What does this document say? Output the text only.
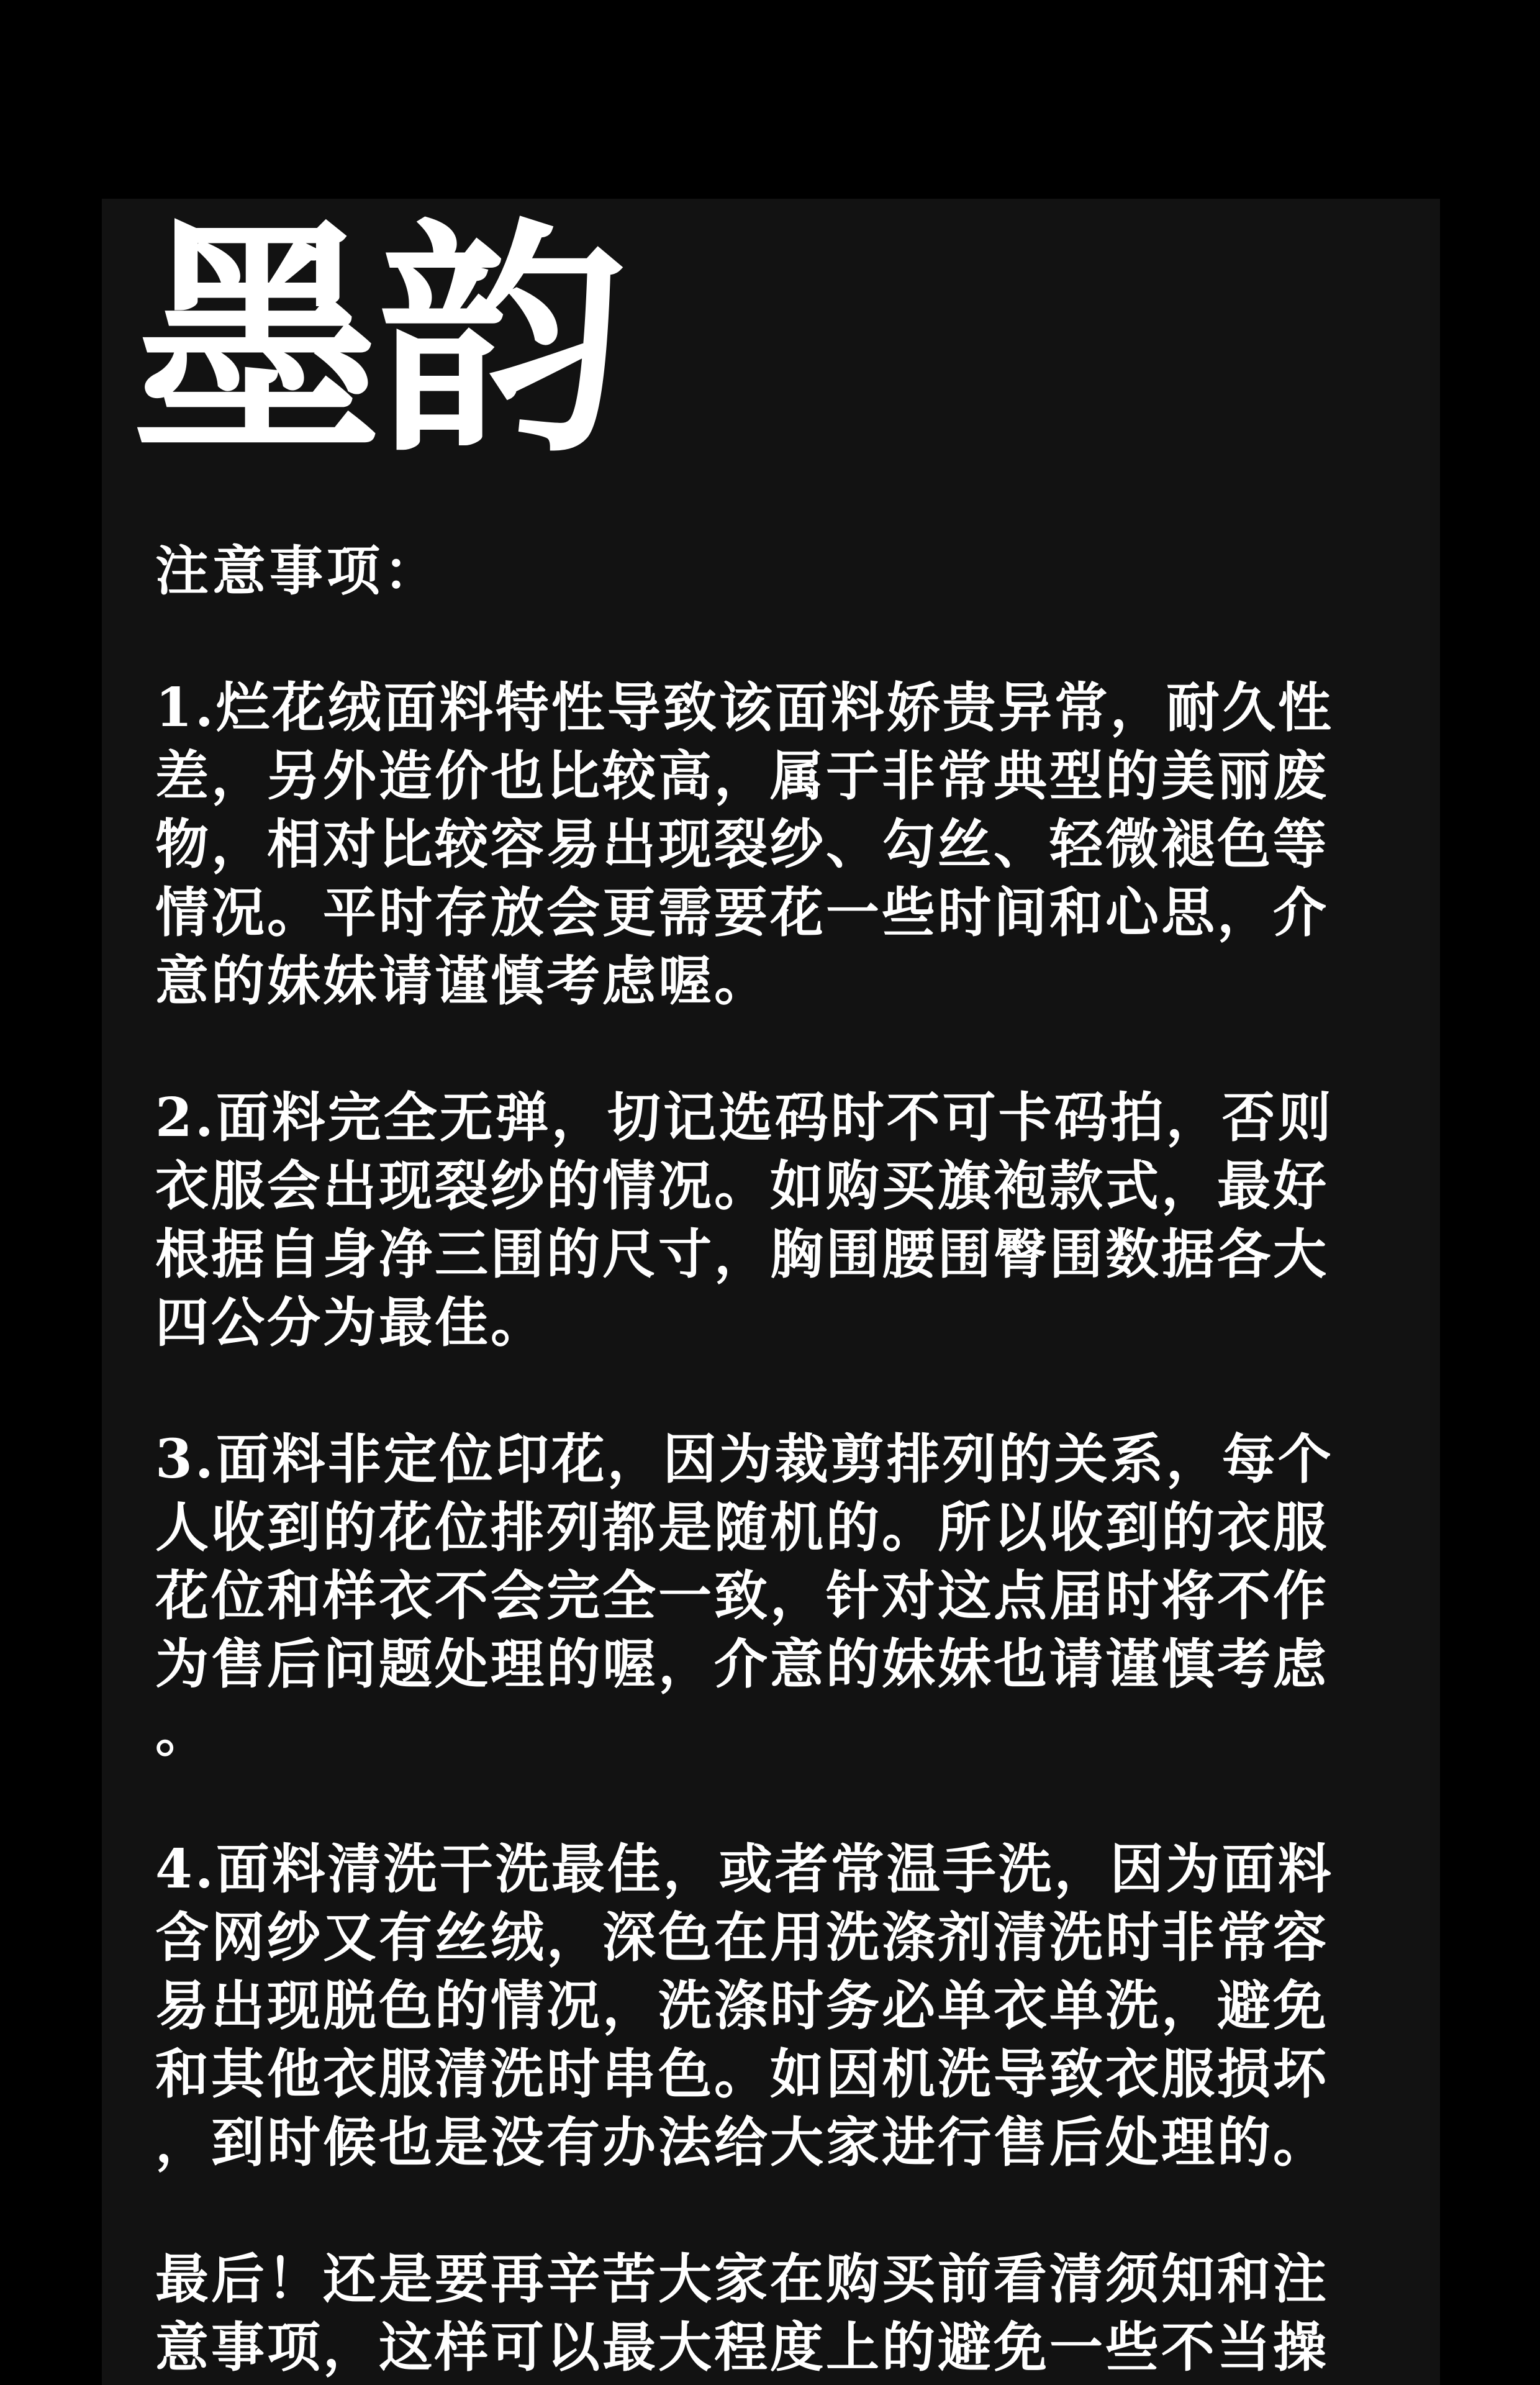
墨韵

注意事项：

1.烂花绒面料特性导致该面料娇贵异常，耐久性
差，另外造价也比较高，属于非常典型的美丽废
物，相对比较容易出现裂纱、勾丝、轻微褪色等
情况。平时存放会更需要花一些时间和心思，介
意的妹妹请谨慎考虑喔。

2.面料完全无弹，切记选码时不可卡码拍，否则
衣服会出现裂纱的情况。如购买旗袍款式，最好
根据自身净三围的尺寸，胸围腰围臀围数据各大
四公分为最佳。

3.面料非定位印花，因为裁剪排列的关系，每个
人收到的花位排列都是随机的。所以收到的衣服
花位和样衣不会完全一致，针对这点届时将不作
为售后问题处理的喔，介意的妹妹也请谨慎考虑
。

4.面料清洗干洗最佳，或者常温手洗，因为面料
含网纱又有丝绒，深色在用洗涤剂清洗时非常容
易出现脱色的情况，洗涤时务必单衣单洗，避免
和其他衣服清洗时串色。如因机洗导致衣服损坏
，到时候也是没有办法给大家进行售后处理的。

最后！还是要再辛苦大家在购买前看清须知和注
意事项，这样可以最大程度上的避免一些不当操
